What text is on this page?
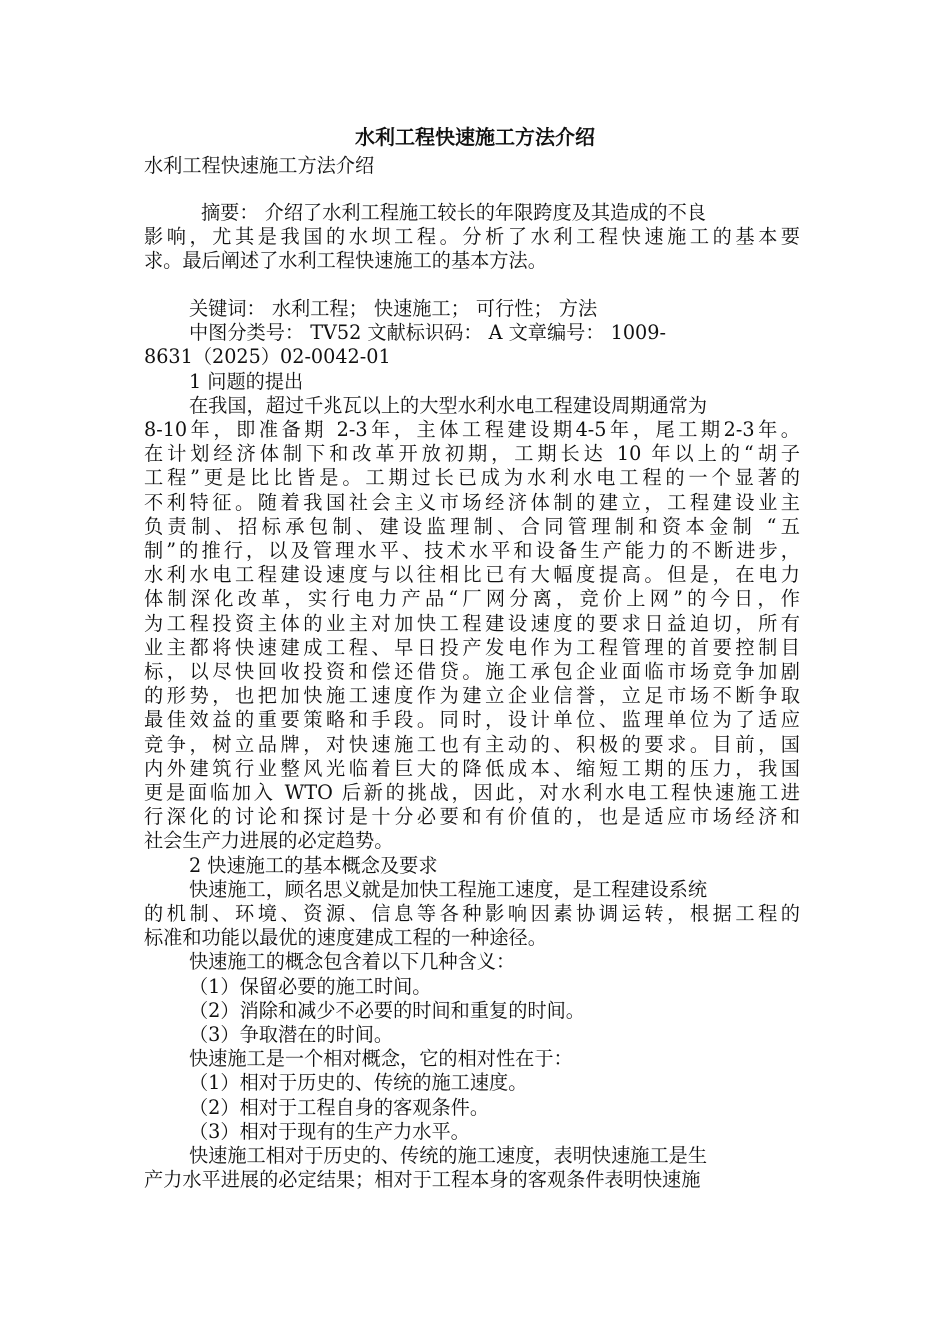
水利工程快速施工方法介绍
水利工程快速施工方法介绍
摘要： 介绍了水利工程施工较长的年限跨度及其造成的不良
影响，尤其是我国的水坝工程。分析了水利工程快速施工的基本要
求。最后阐述了水利工程快速施工的基本方法。
关键词： 水利工程； 快速施工； 可行性； 方法
中图分类号： TV52 文献标识码： A 文章编号： 1009-
8631（2025）02-0042-01
1 问题的提出
在我国，超过千兆瓦以上的大型水利水电工程建设周期通常为
8-10年，即准备期 2-3年，主体工程建设期4-5年，尾工期2-3年。
在计划经济体制下和改革开放初期，工期长达 10 年以上的“胡子
工程”更是比比皆是。工期过长已成为水利水电工程的一个显著的
不利特征。随着我国社会主义市场经济体制的建立，工程建设业主
负责制、招标承包制、建设监理制、合同管理制和资本金制 “五
制”的推行，以及管理水平、技术水平和设备生产能力的不断进步，
水利水电工程建设速度与以往相比已有大幅度提高。但是，在电力
体制深化改革，实行电力产品“厂网分离，竞价上网”的今日，作
为工程投资主体的业主对加快工程建设速度的要求日益迫切，所有
业主都将快速建成工程、早日投产发电作为工程管理的首要控制目
标，以尽快回收投资和偿还借贷。施工承包企业面临市场竞争加剧
的形势，也把加快施工速度作为建立企业信誉，立足市场不断争取
最佳效益的重要策略和手段。同时，设计单位、监理单位为了适应
竞争，树立品牌，对快速施工也有主动的、积极的要求。目前，国
内外建筑行业整风光临着巨大的降低成本、缩短工期的压力，我国
更是面临加入 WTO 后新的挑战，因此，对水利水电工程快速施工进
行深化的讨论和探讨是十分必要和有价值的，也是适应市场经济和
社会生产力进展的必定趋势。
2 快速施工的基本概念及要求
快速施工，顾名思义就是加快工程施工速度，是工程建设系统
的机制、环境、资源、信息等各种影响因素协调运转，根据工程的
标准和功能以最优的速度建成工程的一种途径。
快速施工的概念包含着以下几种含义：
（1）保留必要的施工时间。
（2）消除和减少不必要的时间和重复的时间。
（3）争取潜在的时间。
快速施工是一个相对概念，它的相对性在于：
（1）相对于历史的、传统的施工速度。
（2）相对于工程自身的客观条件。
（3）相对于现有的生产力水平。
快速施工相对于历史的、传统的施工速度，表明快速施工是生
产力水平进展的必定结果；相对于工程本身的客观条件表明快速施
